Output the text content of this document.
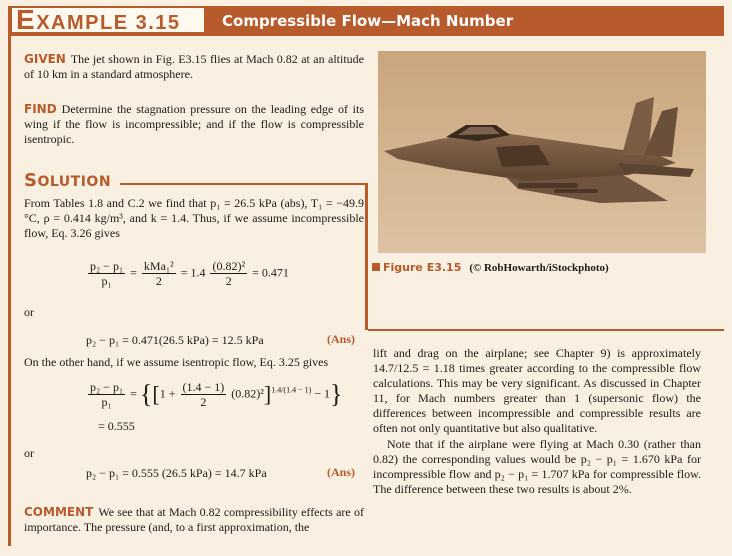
EXAMPLE 3.15	Compressible Flow—Mach Number

GIVEN The jet shown in Fig. E3.15 flies at Mach 0.82 at an altitude of 10 km in a standard atmosphere.

FIND Determine the stagnation pressure on the leading edge of its wing if the flow is incompressible; and if the flow is compressible isentropic.

SOLUTION

From Tables 1.8 and C.2 we find that p₁ = 26.5 kPa (abs), T₁ = −49.9 °C, ρ = 0.414 kg/m³, and k = 1.4. Thus, if we assume incompressible flow, Eq. 3.26 gives

$\frac{\text{p₂ − p₁}}{\text{p₁}} = \frac{\text{kMa₁²}}{2} = 1.4 \frac{\text{(0.82)²}}{2} = 0.471$
or
p₂ − p₁ = 0.471(26.5 kPa) = 12.5 kPa	(Ans)

On the other hand, if we assume isentropic flow, Eq. 3.25 gives

$\frac{\text{p₂ − p₁}}{\text{p₁}} = \{[1 + \frac{(1.4 - 1)}{2} (0.82)^2]^{1.4/(1.4 - 1)} - 1\}$
= 0.555
or
p₂ − p₁ = 0.555 (26.5 kPa) = 14.7 kPa	(Ans)

COMMENT We see that at Mach 0.82 compressibility effects are of importance. The pressure (and, to a first approximation, the

Figure E3.15 (© RobHowarth/iStockphoto)

lift and drag on the airplane; see Chapter 9) is approximately 14.7/12.5 = 1.18 times greater according to the compressible flow calculations. This may be very significant. As discussed in Chapter 11, for Mach numbers greater than 1 (supersonic flow) the differences between incompressible and compressible results are often not only quantitative but also qualitative.

Note that if the airplane were flying at Mach 0.30 (rather than 0.82) the corresponding values would be p₂ − p₁ = 1.670 kPa for incompressible flow and p₂ − p₁ = 1.707 kPa for compressible flow. The difference between these two results is about 2%.
